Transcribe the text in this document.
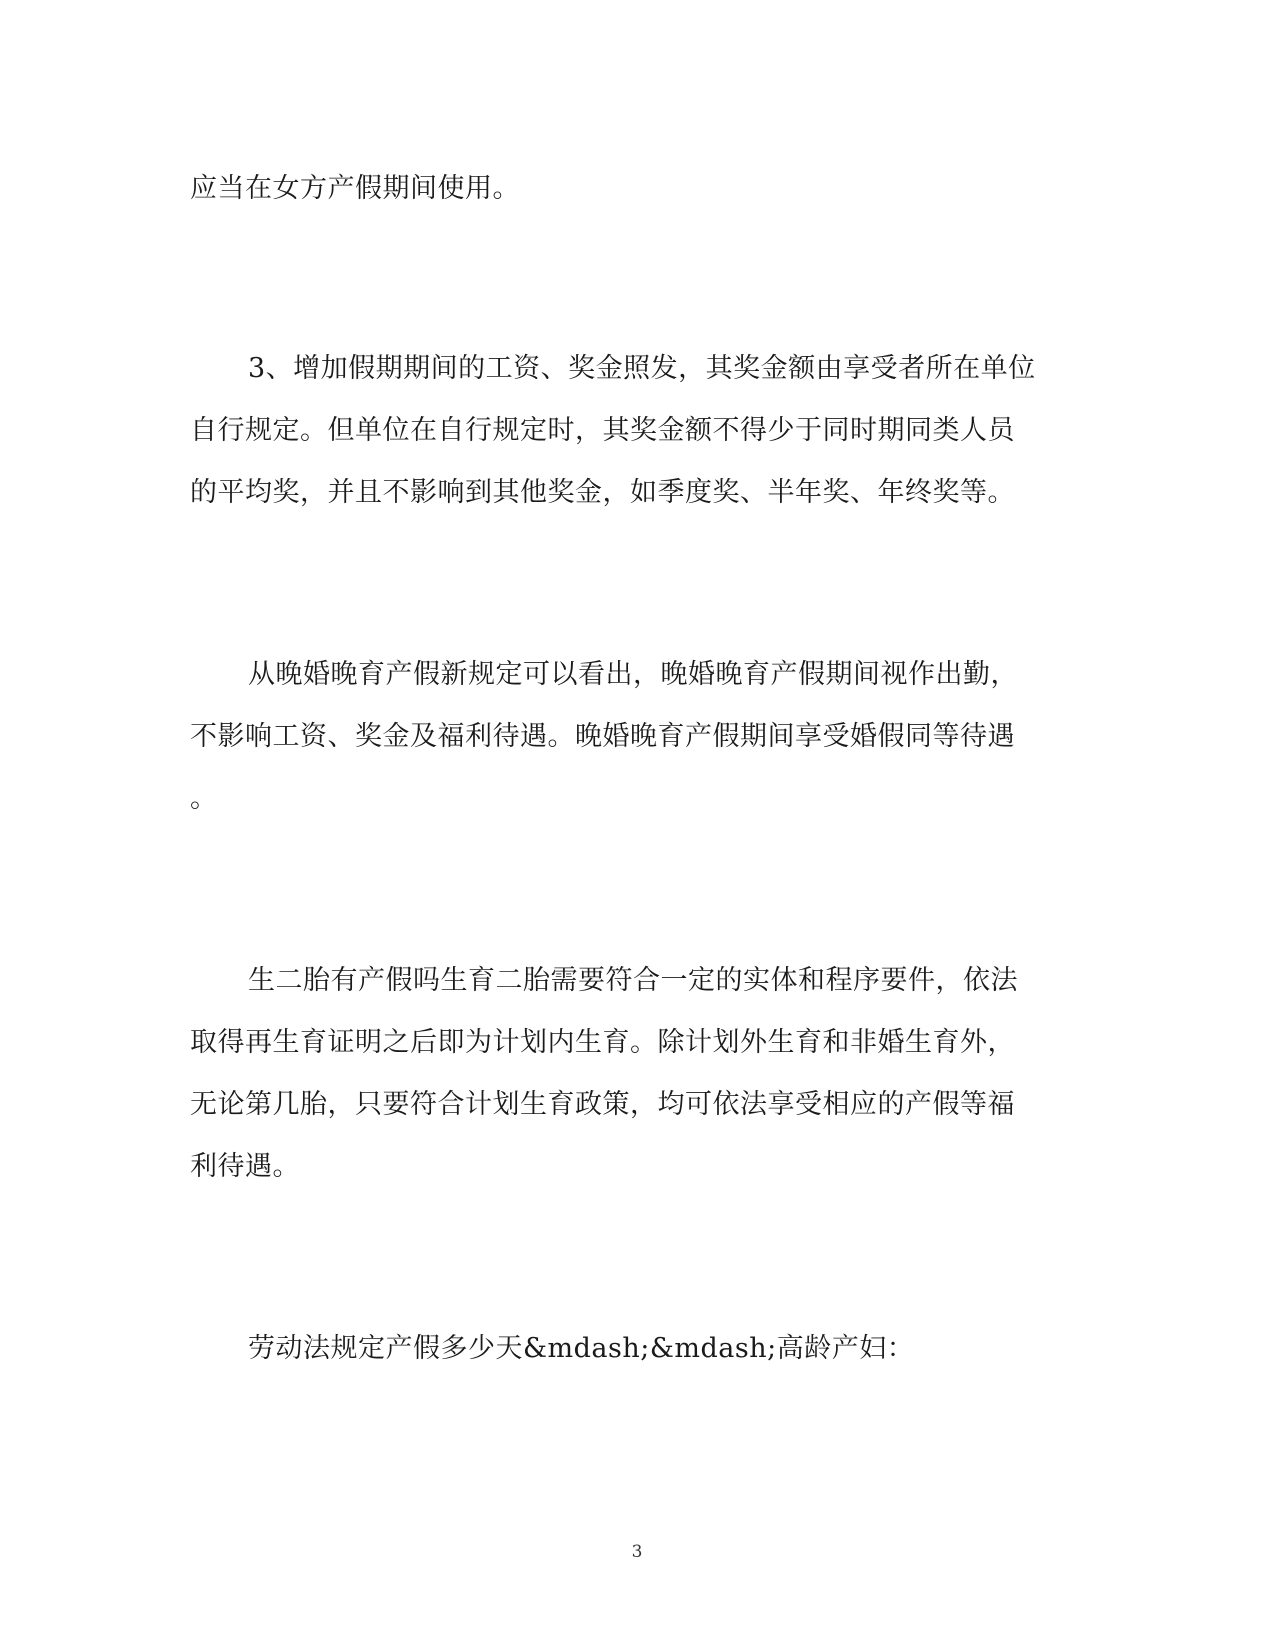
应当在女方产假期间使用。
3、增加假期期间的工资、奖金照发，其奖金额由享受者所在单位
自行规定。但单位在自行规定时，其奖金额不得少于同时期同类人员
的平均奖，并且不影响到其他奖金，如季度奖、半年奖、年终奖等。
从晚婚晚育产假新规定可以看出，晚婚晚育产假期间视作出勤，
不影响工资、奖金及福利待遇。晚婚晚育产假期间享受婚假同等待遇
。
生二胎有产假吗生育二胎需要符合一定的实体和程序要件，依法
取得再生育证明之后即为计划内生育。除计划外生育和非婚生育外，
无论第几胎，只要符合计划生育政策，均可依法享受相应的产假等福
利待遇。
劳动法规定产假多少天&mdash;&mdash;高龄产妇：
3
